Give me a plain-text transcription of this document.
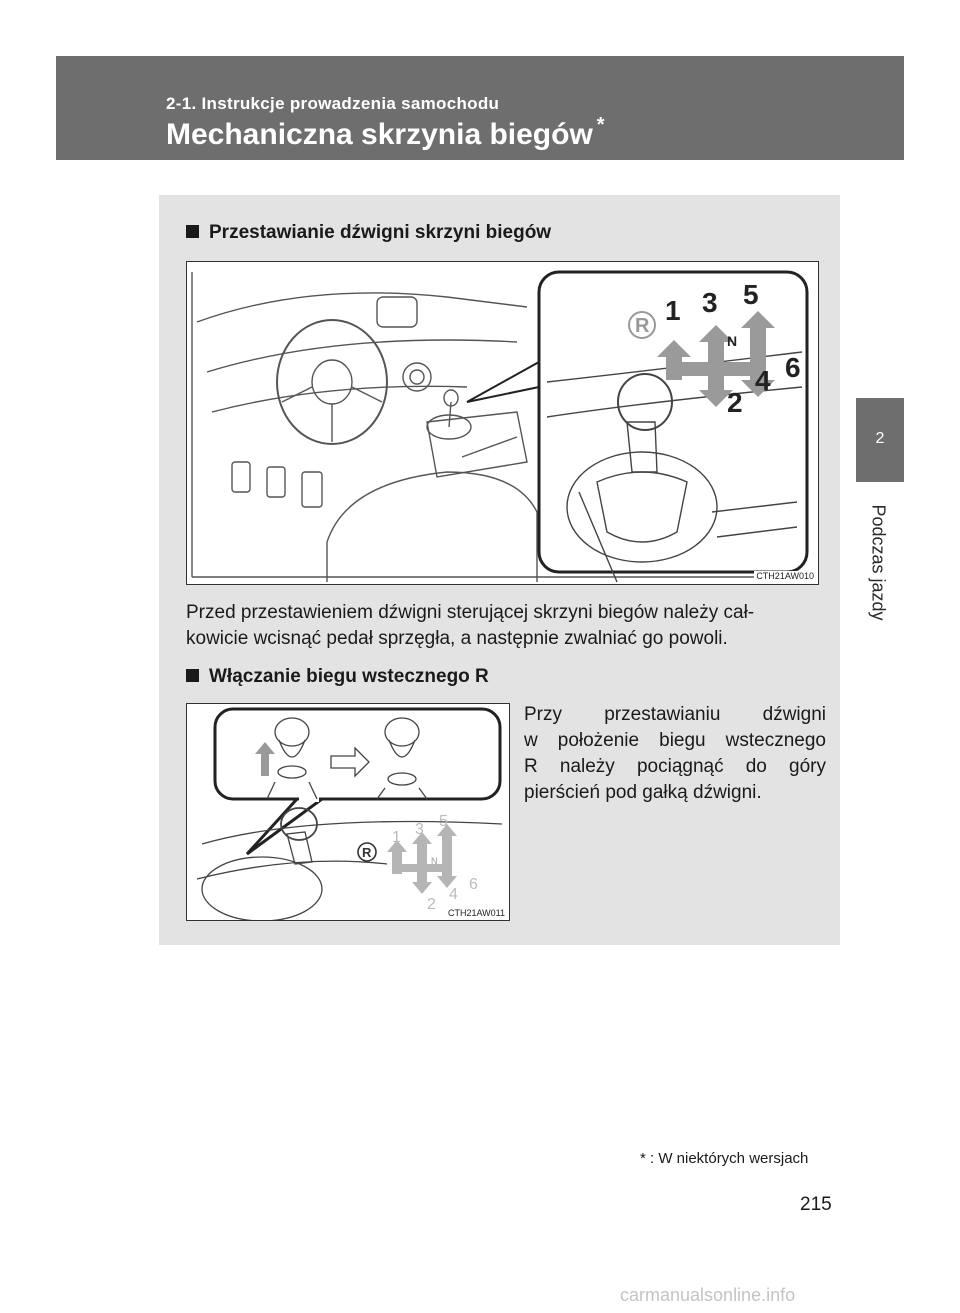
2-1. Instrukcje prowadzenia samochodu
Mechaniczna skrzynia biegów *
2
Podczas jazdy
Przestawianie dźwigni skrzyni biegów
R 1 3 5
N
2
4 6
CTH21AW010
Przed przestawieniem dźwigni sterującej skrzyni biegów należy cał-
kowicie wcisnąć pedał sprzęgła, a następnie zwalniać go powoli.
Włączanie biegu wstecznego R
R
1 3 5
N
2
4
6
CTH21AW011
Przy przestawianiu dźwigni
w położenie biegu wstecznego
R należy pociągnąć do góry
pierścień pod gałką dźwigni.
* : W niektórych wersjach
215
carmanualsonline.info
